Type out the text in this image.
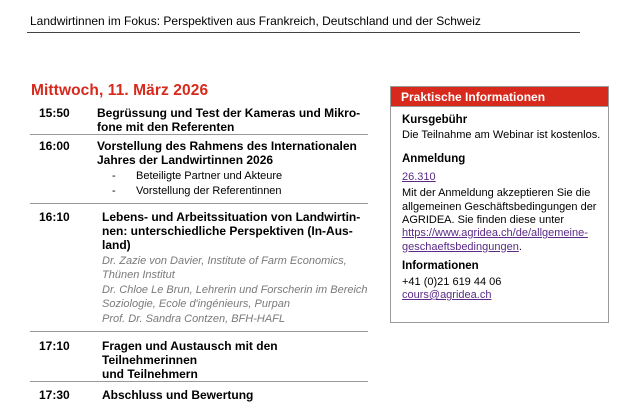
Landwirtinnen im Fokus: Perspektiven aus Frankreich, Deutschland und der Schweiz
Mittwoch, 11. März 2026
15:50 Begrüssung und Test der Kameras und Mikro-
fone mit den Referenten
16:00 Vorstellung des Rahmens des Internationalen
Jahres der Landwirtinnen 2026
-	Beteiligte Partner und Akteure
-	Vorstellung der Referentinnen
16:10	Lebens- und Arbeitssituation von Landwirtin-
nen: unterschiedliche Perspektiven (In-Aus-
land)
Dr. Zazie von Davier, Institute of Farm Economics,
Thünen Institut
Dr. Chloe Le Brun, Lehrerin und Forscherin im Bereich
Soziologie, Ecole d'ingénieurs, Purpan
Prof. Dr. Sandra Contzen, BFH-HAFL
17:10	Fragen und Austausch mit den Teilnehmerinnen
und Teilnehmern
17:30	Abschluss und Bewertung
Praktische Informationen
Kursgebühr
Die Teilnahme am Webinar ist kostenlos.
Anmeldung
26.310
Mit der Anmeldung akzeptieren Sie die
allgemeinen Geschäftsbedingungen der
AGRIDEA. Sie finden diese unter
https://www.agridea.ch/de/allgemeine-
geschaeftsbedingungen.
Informationen
+41 (0)21 619 44 06
cours@agridea.ch
